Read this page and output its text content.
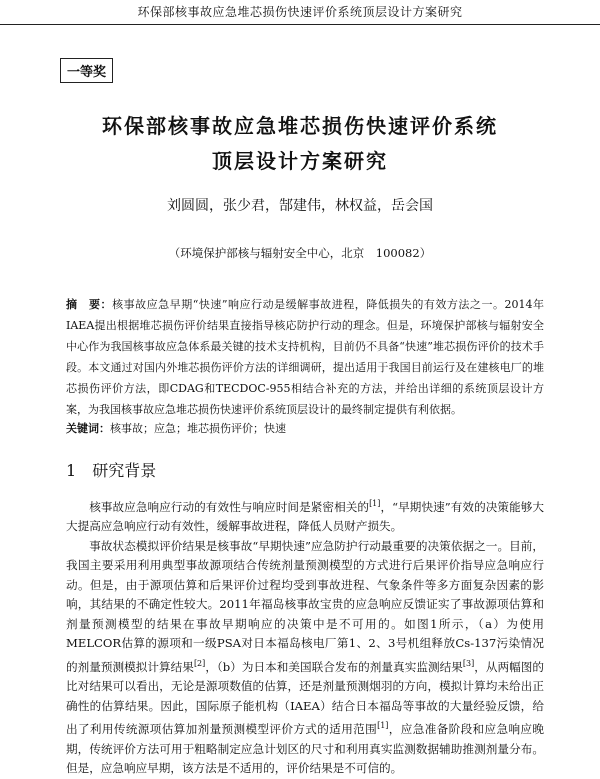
环保部核事故应急堆芯损伤快速评价系统顶层设计方案研究
一等奖
环保部核事故应急堆芯损伤快速评价系统
顶层设计方案研究
刘圆圆，张少君，郜建伟，林权益，岳会国
（环境保护部核与辐射安全中心，北京　100082）
摘　要：核事故应急早期“快速”响应行动是缓解事故进程，降低损失的有效方法之一。2014年IAEA提出根据堆芯损伤评价结果直接指导核応防护行动的理念。但是，环境保护部核与辐射安全中心作为我国核事故应急体系最关键的技术支持机构，目前仍不具备“快速”堆芯损伤评价的技术手段。本文通过对国内外堆芯损伤评价方法的详细调研，提出适用于我国目前运行及在建核电厂的堆芯损伤评价方法，即CDAG和TECDOC-955相结合补充的方法，并给出详细的系统顶层设计方案，为我国核事故应急堆芯损伤快速评价系统顶层设计的最终制定提供有利依据。
关键词：核事故；应急；堆芯损伤评价；快速
1 研究背景

核事故应急响应行动的有效性与响应时间是紧密相关的[1]，“早期快速”有效的决策能够大大提高应急响应行动有效性，缓解事故进程，降低人员财产损失。

事故状态模拟评价结果是核事故“早期快速”应急防护行动最重要的决策依据之一。目前，我国主要采用利用典型事故源项结合传统剂量预测模型的方式进行后果评价指导应急响应行动。但是，由于源项估算和后果评价过程均受到事故进程、气象条件等多方面复杂因素的影响，其结果的不确定性较大。2011年福岛核事故宝贵的应急响应反馈证实了事故源项估算和剂量预测模型的结果在事故早期响应的决策中是不可用的。如图1所示，（a）为使用MELCOR估算的源项和一级PSA对日本福岛核电厂第1、2、3号机组释放Cs-137污染情况的剂量预测模拟计算结果[2]，（b）为日本和美国联合发布的剂量真实监测结果[3]，从两幅图的比对结果可以看出，无论是源项数值的估算，还是剂量预测烟羽的方向，模拟计算均未给出正确性的估算结果。因此，国际原子能机构（IAEA）结合日本福岛等事故的大量经验反馈，给出了利用传统源项估算加剂量预测模型评价方式的适用范围[1]，应急准备阶段和应急响应晚期，传统评价方法可用于粗略制定应急计划区的尺寸和利用真实监测数据辅助推测剂量分布。但是，应急响应早期，该方法是不适用的，评价结果是不可信的。
